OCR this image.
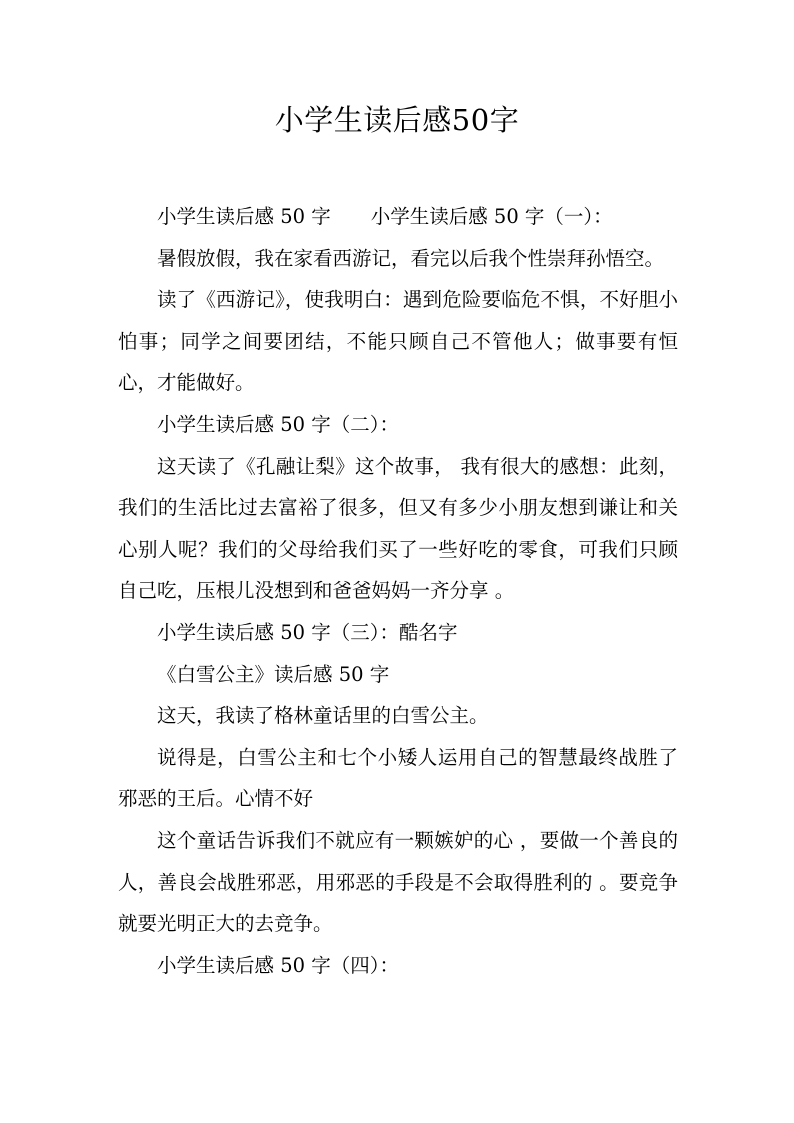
小学生读后感50字

小学生读后感 50 字 小学生读后感 50 字（一）：

暑假放假，我在家看西游记，看完以后我个性崇拜孙悟空。

读了《西游记》，使我明白：遇到危险要临危不惧，不好胆小怕事；同学之间要团结，不能只顾自己不管他人；做事要有恒心，才能做好。

小学生读后感 50 字（二）：

这天读了《孔融让梨》这个故事， 我有很大的感想：此刻，我们的生活比过去富裕了很多，但又有多少小朋友想到谦让和关心别人呢？我们的父母给我们买了一些好吃的零食，可我们只顾自己吃，压根儿没想到和爸爸妈妈一齐分享 。

小学生读后感 50 字（三）：酷名字

《白雪公主》读后感 50 字

这天，我读了格林童话里的白雪公主。

说得是，白雪公主和七个小矮人运用自己的智慧最终战胜了邪恶的王后。心情不好

这个童话告诉我们不就应有一颗嫉妒的心 ，要做一个善良的人，善良会战胜邪恶，用邪恶的手段是不会取得胜利的 。要竞争就要光明正大的去竞争。

小学生读后感 50 字（四）：
